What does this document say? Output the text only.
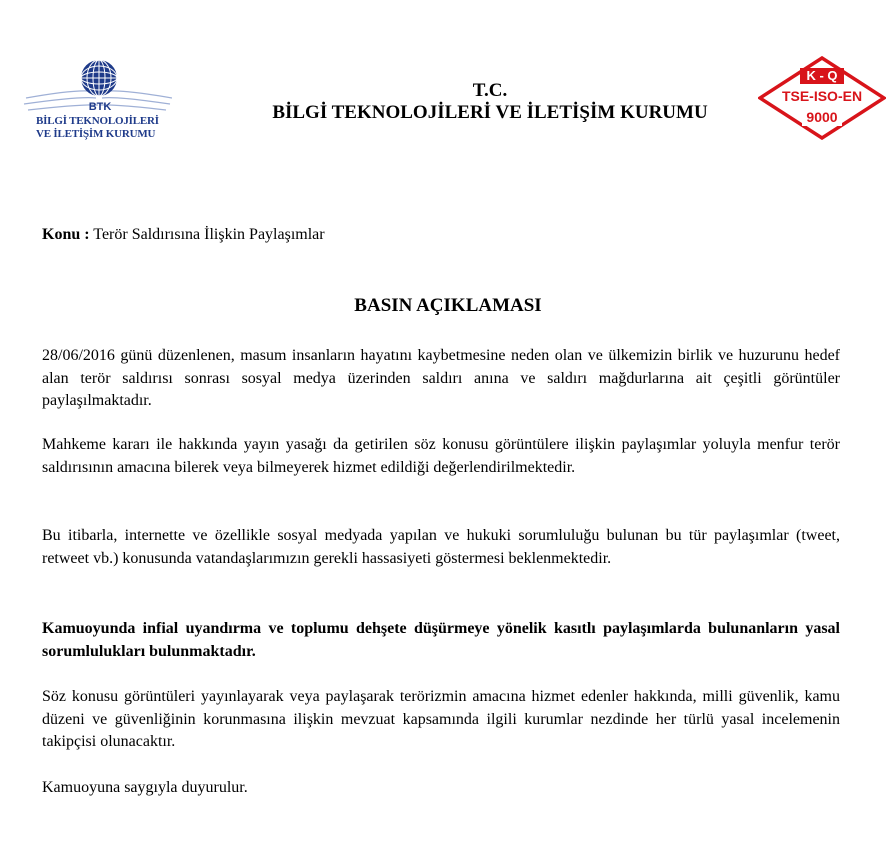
BTK
BİLGİ TEKNOLOJİLERİ
VE İLETİŞİM KURUMU
T.C.
BİLGİ TEKNOLOJİLERİ VE İLETİŞİM KURUMU
K - Q
TSE-ISO-EN
9000
Konu : Terör Saldırısına İlişkin Paylaşımlar
BASIN AÇIKLAMASI

28/06/2016 günü düzenlenen, masum insanların hayatını kaybetmesine neden olan ve ülkemizin birlik ve huzurunu hedef alan terör saldırısı sonrası sosyal medya üzerinden saldırı anına ve saldırı mağdurlarına ait çeşitli görüntüler paylaşılmaktadır.

Mahkeme kararı ile hakkında yayın yasağı da getirilen söz konusu görüntülere ilişkin paylaşımlar yoluyla menfur terör saldırısının amacına bilerek veya bilmeyerek hizmet edildiği değerlendirilmektedir.

Bu itibarla, internette ve özellikle sosyal medyada yapılan ve hukuki sorumluluğu bulunan bu tür paylaşımlar (tweet, retweet vb.) konusunda vatandaşlarımızın gerekli hassasiyeti göstermesi beklenmektedir.

Kamuoyunda infial uyandırma ve toplumu dehşete düşürmeye yönelik kasıtlı paylaşımlarda bulunanların yasal sorumlulukları bulunmaktadır.

Söz konusu görüntüleri yayınlayarak veya paylaşarak terörizmin amacına hizmet edenler hakkında, milli güvenlik, kamu düzeni ve güvenliğinin korunmasına ilişkin mevzuat kapsamında ilgili kurumlar nezdinde her türlü yasal incelemenin takipçisi olunacaktır.

Kamuoyuna saygıyla duyurulur.
